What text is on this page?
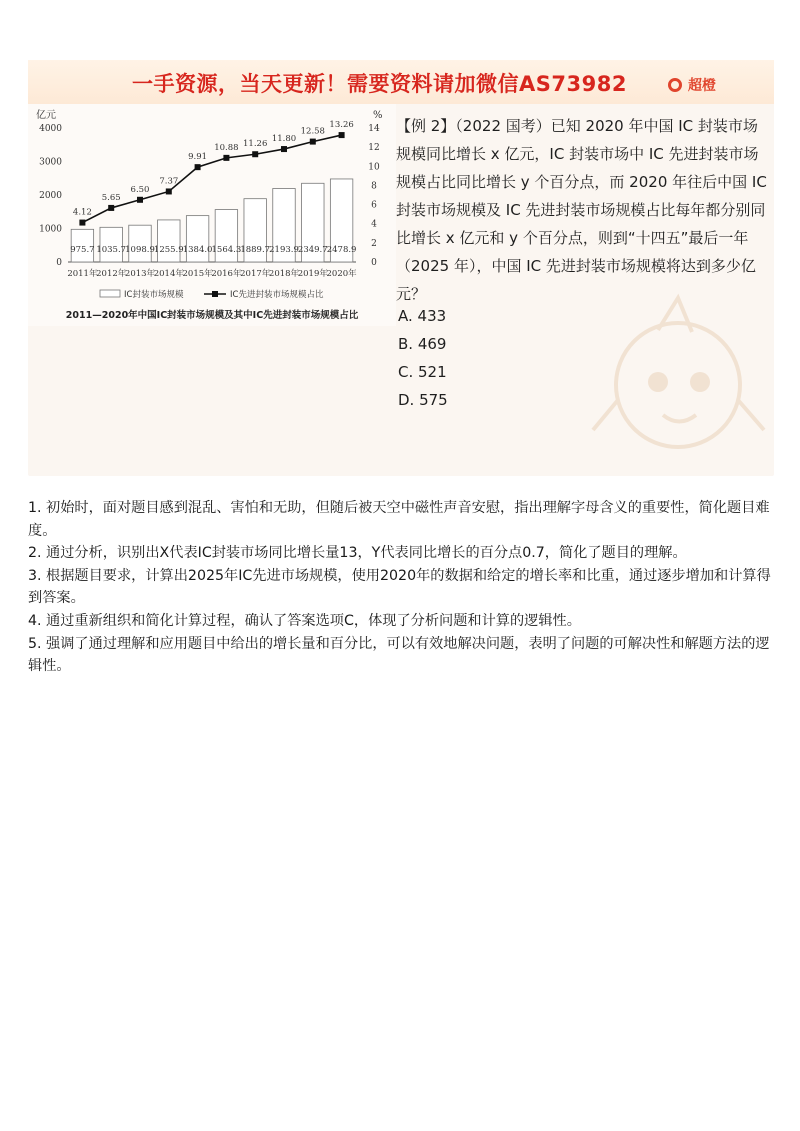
一手资源，当天更新！需要资料请加微信AS73982	超橙
亿元	%
0
1000
2000
3000
4000
0
2
4
6
8
10
12
14
975.7
2011年
1035.7
2012年
1098.9
2013年
1255.9
2014年
1384.0
2015年
1564.3
2016年
1889.7
2017年
2193.9
2018年
2349.7
2019年
2478.9
2020年
4.12
5.65
6.50
7.37
9.91
10.88 11.26
11.80
12.58
13.26
IC封装市场规模	IC先进封装市场规模占比
2011—2020年中国IC封装市场规模及其中IC先进封装市场规模占比
【例 2】（2022 国考）已知 2020 年中国 IC 封装市场规模同比增长 x 亿元，IC 封装市场中 IC 先进封装市场规模占比同比增长 y 个百分点，而 2020 年往后中国 IC 封装市场规模及 IC 先进封装市场规模占比每年都分别同比增长 x 亿元和 y 个百分点，则到“十四五”最后一年（2025 年），中国 IC 先进封装市场规模将达到多少亿元？
A. 433
B. 469
C. 521
D. 575

1. 初始时，面对题目感到混乱、害怕和无助，但随后被天空中磁性声音安慰，指出理解字母含义的重要性，简化题目难度。

2. 通过分析，识别出X代表IC封装市场同比增长量13，Y代表同比增长的百分点0.7，简化了题目的理解。

3. 根据题目要求，计算出2025年IC先进市场规模，使用2020年的数据和给定的增长率和比重，通过逐步增加和计算得到答案。

4. 通过重新组织和简化计算过程，确认了答案选项C，体现了分析问题和计算的逻辑性。

5. 强调了通过理解和应用题目中给出的增长量和百分比，可以有效地解决问题，表明了问题的可解决性和解题方法的逻辑性。
